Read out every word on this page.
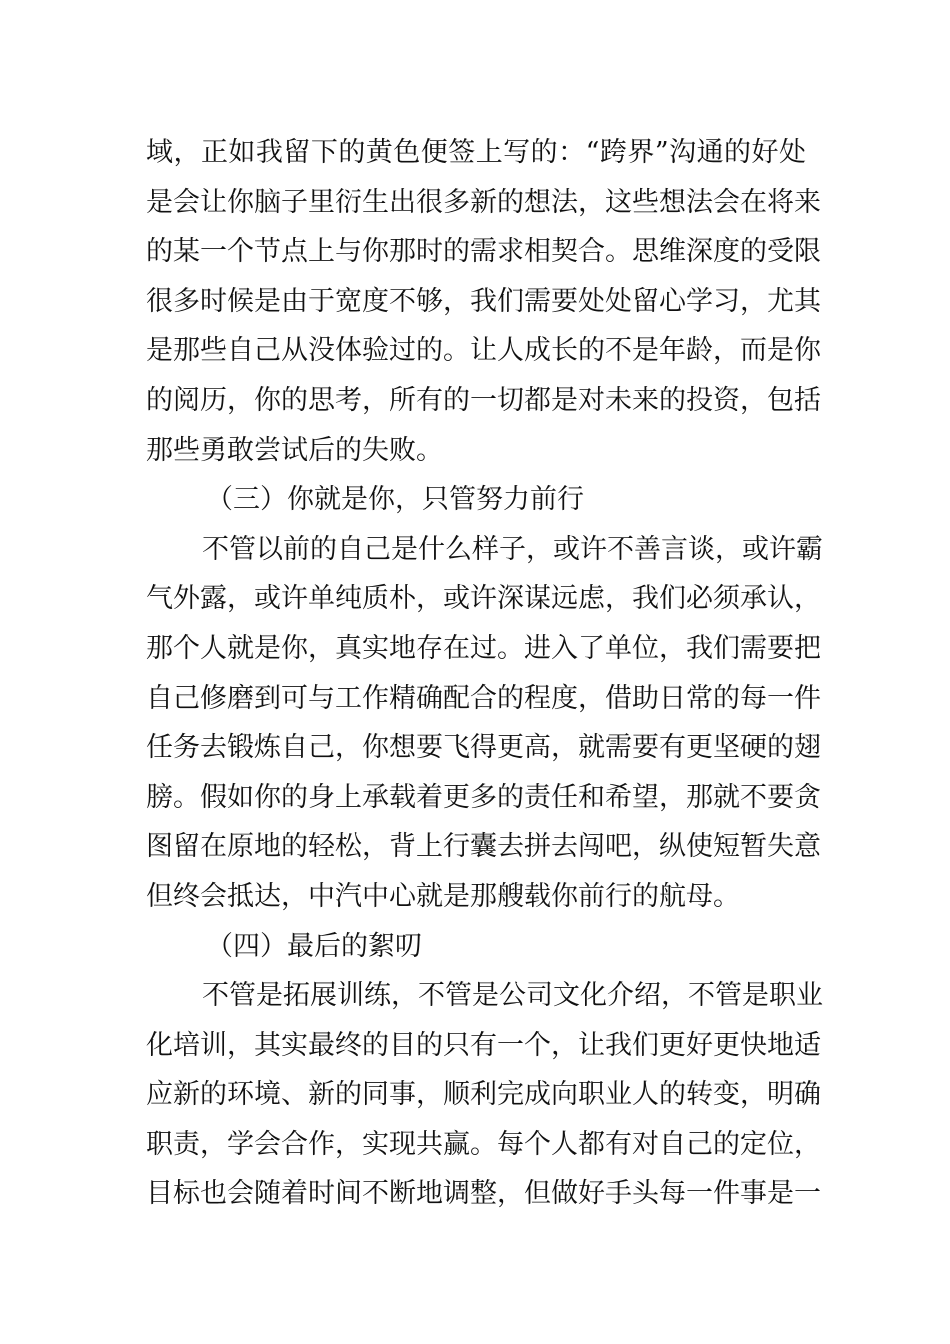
域，正如我留下的黄色便签上写的：“跨界”沟通的好处
是会让你脑子里衍生出很多新的想法，这些想法会在将来
的某一个节点上与你那时的需求相契合。思维深度的受限
很多时候是由于宽度不够，我们需要处处留心学习，尤其
是那些自己从没体验过的。让人成长的不是年龄，而是你
的阅历，你的思考，所有的一切都是对未来的投资，包括
那些勇敢尝试后的失败。
（三）你就是你，只管努力前行
不管以前的自己是什么样子，或许不善言谈，或许霸
气外露，或许单纯质朴，或许深谋远虑，我们必须承认，
那个人就是你，真实地存在过。进入了单位，我们需要把
自己修磨到可与工作精确配合的程度，借助日常的每一件
任务去锻炼自己，你想要飞得更高，就需要有更坚硬的翅
膀。假如你的身上承载着更多的责任和希望，那就不要贪
图留在原地的轻松，背上行囊去拼去闯吧，纵使短暂失意
但终会抵达，中汽中心就是那艘载你前行的航母。
（四）最后的絮叨
不管是拓展训练，不管是公司文化介绍，不管是职业
化培训，其实最终的目的只有一个，让我们更好更快地适
应新的环境、新的同事，顺利完成向职业人的转变，明确
职责，学会合作，实现共赢。每个人都有对自己的定位，
目标也会随着时间不断地调整，但做好手头每一件事是一
